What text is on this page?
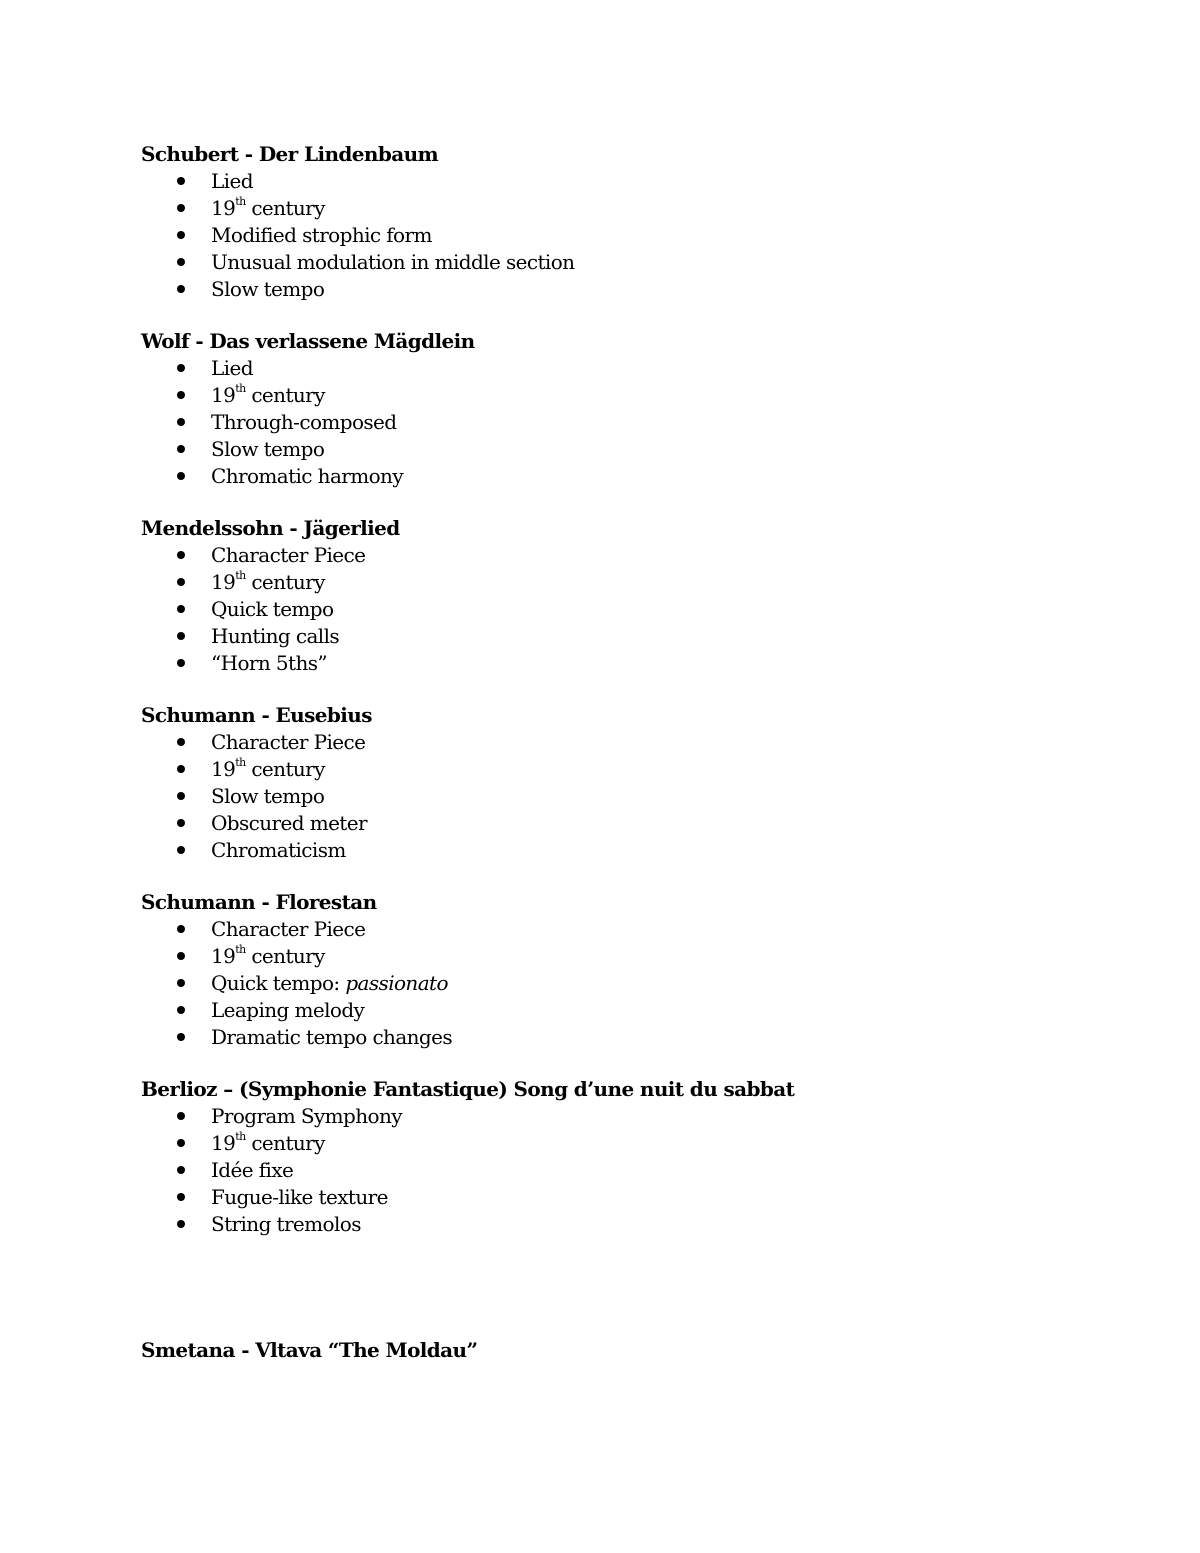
Schubert - Der Lindenbaum
Lied
19th century
Modified strophic form
Unusual modulation in middle section
Slow tempo
Wolf - Das verlassene Mägdlein
Lied
19th century
Through-composed
Slow tempo
Chromatic harmony
Mendelssohn - Jägerlied
Character Piece
19th century
Quick tempo
Hunting calls
“Horn 5ths”
Schumann - Eusebius
Character Piece
19th century
Slow tempo
Obscured meter
Chromaticism
Schumann - Florestan
Character Piece
19th century
Quick tempo: passionato
Leaping melody
Dramatic tempo changes
Berlioz – (Symphonie Fantastique) Song d’une nuit du sabbat
Program Symphony
19th century
Idée fixe
Fugue-like texture
String tremolos
Smetana - Vltava “The Moldau”
